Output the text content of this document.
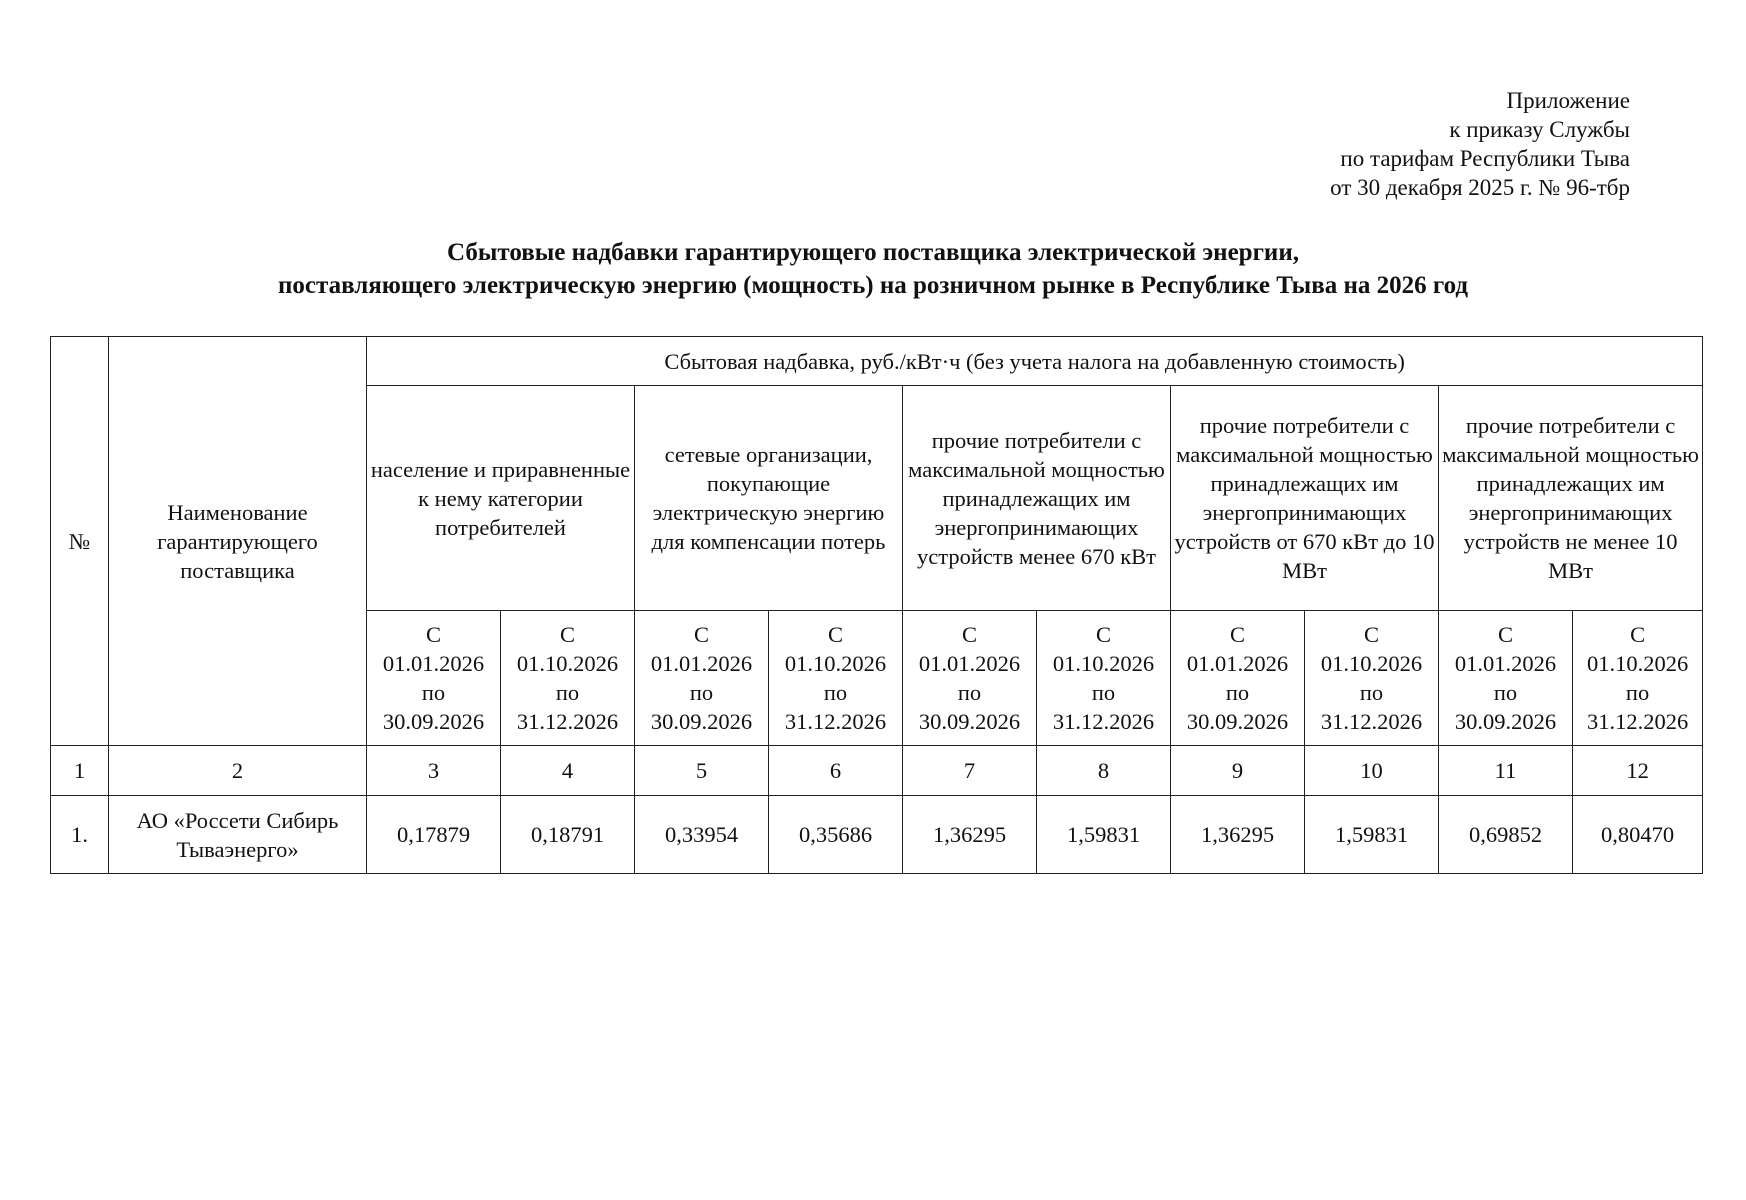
Приложение
к приказу Службы
по тарифам Республики Тыва
от 30 декабря 2025 г. № 96-тбр
Сбытовые надбавки гарантирующего поставщика электрической энергии,
поставляющего электрическую энергию (мощность) на розничном рынке в Республике Тыва на 2026 год
№	Наименование гарантирующего поставщика	Сбытовая надбавка, руб./кВт·ч (без учета налога на добавленную стоимость)									
		население и приравненные к нему категории потребителей		сетевые организации, покупающие электрическую энергию для компенсации потерь		прочие потребители с максимальной мощностью принадлежащих им энергопринимающих устройств менее 670 кВт		прочие потребители с максимальной мощностью принадлежащих им энергопринимающих устройств от 670 кВт до 10 МВт		прочие потребители с максимальной мощностью принадлежащих им энергопринимающих устройств не менее 10 МВт	

		С
01.01.2026
по
30.09.2026	С
01.10.2026
по
31.12.2026	С
01.01.2026
по
30.09.2026	С
01.10.2026
по
31.12.2026	С
01.01.2026
по
30.09.2026	С
01.10.2026
по
31.12.2026	С
01.01.2026
по
30.09.2026	С
01.10.2026
по
31.12.2026	С
01.01.2026
по
30.09.2026	С
01.10.2026
по
31.12.2026

1	2	3	4	5	6	7	8	9	10	11	12
1.	АО «Россети Сибирь Тываэнерго»	0,17879	0,18791	0,33954	0,35686	1,36295	1,59831	1,36295	1,59831	0,69852	0,80470
